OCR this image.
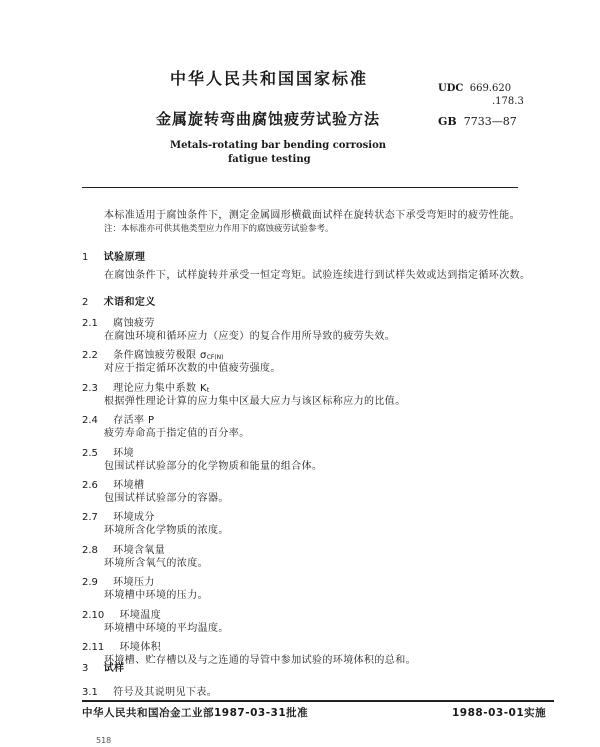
中华人民共和国国家标准
UDC 669.620
.178.3
金属旋转弯曲腐蚀疲劳试验方法	GB 7733—87
Metals-rotating bar bending corrosion
fatigue testing
本标准适用于腐蚀条件下，测定金属圆形横截面试样在旋转状态下承受弯矩时的疲劳性能。
注：本标准亦可供其他类型应力作用下的腐蚀疲劳试验参考。
1 试验原理
在腐蚀条件下，试样旋转并承受一恒定弯矩。试验连续进行到试样失效或达到指定循环次数。
2 术语和定义
2.1 腐蚀疲劳
在腐蚀环境和循环应力（应变）的复合作用所导致的疲劳失效。
2.2 条件腐蚀疲劳极限 σCF(N)
对应于指定循环次数的中值疲劳强度。
2.3 理论应力集中系数 Kt
根据弹性理论计算的应力集中区最大应力与该区标称应力的比值。
2.4 存活率 P
疲劳寿命高于指定值的百分率。
2.5 环境
包围试样试验部分的化学物质和能量的组合体。
2.6 环境槽
包围试样试验部分的容器。
2.7 环境成分
环境所含化学物质的浓度。
2.8 环境含氧量
环境所含氧气的浓度。
2.9 环境压力
环境槽中环境的压力。
2.10 环境温度
环境槽中环境的平均温度。
2.11 环境体积
环境槽、贮存槽以及与之连通的导管中参加试验的环境体积的总和。
3 试样
3.1 符号及其说明见下表。
中华人民共和国冶金工业部1987-03-31批准	1988-03-01实施
518
